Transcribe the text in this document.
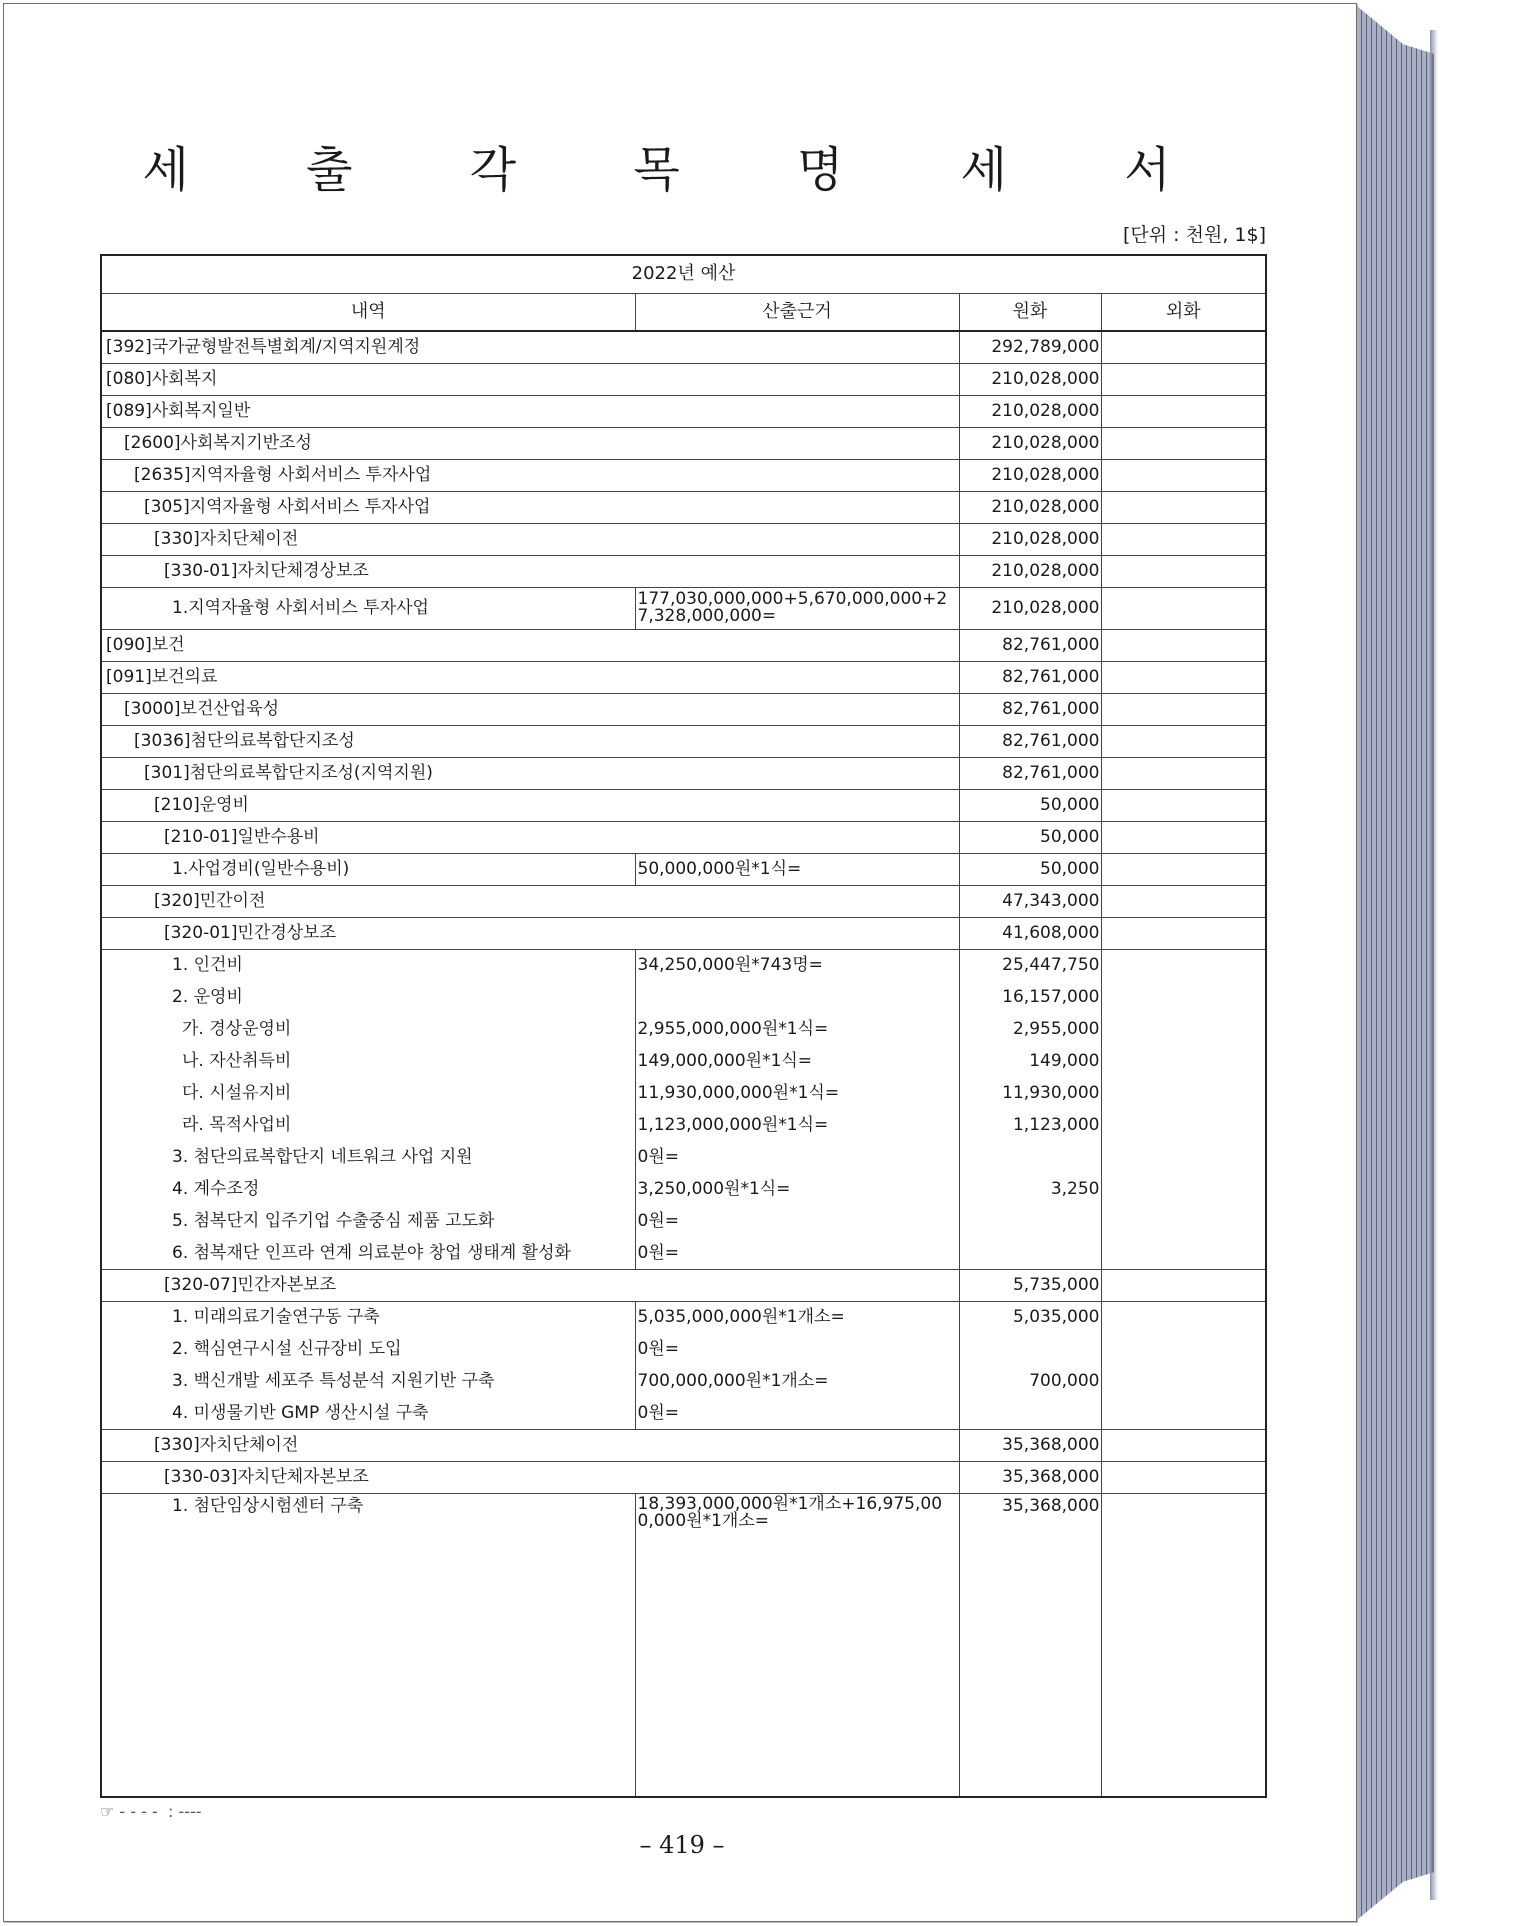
세 출 각 목 명 세 서
[단위 : 천원, 1$]
2022년 예산			
내역	산출근거	원화	외화
[392]국가균형발전특별회계/지역지원계정		292,789,000	
[080]사회복지		210,028,000	
[089]사회복지일반		210,028,000	
[2600]사회복지기반조성		210,028,000	
[2635]지역자율형 사회서비스 투자사업		210,028,000	
[305]지역자율형 사회서비스 투자사업		210,028,000	
[330]자치단체이전		210,028,000	
[330-01]자치단체경상보조		210,028,000	
1.지역자율형 사회서비스 투자사업	177,030,000,000+5,670,000,000+27,328,000,000=	210,028,000	
[090]보건		82,761,000	
[091]보건의료		82,761,000	
[3000]보건산업육성		82,761,000	
[3036]첨단의료복합단지조성		82,761,000	
[301]첨단의료복합단지조성(지역지원)		82,761,000	
[210]운영비		50,000	
[210-01]일반수용비		50,000	
1.사업경비(일반수용비)	50,000,000원*1식=	50,000	
[320]민간이전		47,343,000	
[320-01]민간경상보조		41,608,000	
1. 인건비	34,250,000원*743명=	25,447,750	
2. 운영비		16,157,000	
가. 경상운영비	2,955,000,000원*1식=	2,955,000	
나. 자산취득비	149,000,000원*1식=	149,000	
다. 시설유지비	11,930,000,000원*1식=	11,930,000	
라. 목적사업비	1,123,000,000원*1식=	1,123,000	
3. 첨단의료복합단지 네트워크 사업 지원	0원=		
4. 계수조정	3,250,000원*1식=	3,250	
5. 첨복단지 입주기업 수출중심 제품 고도화	0원=		
6. 첨복재단 인프라 연계 의료분야 창업 생태계 활성화	0원=		
[320-07]민간자본보조		5,735,000	
1. 미래의료기술연구동 구축	5,035,000,000원*1개소=	5,035,000	
2. 핵심연구시설 신규장비 도입	0원=		
3. 백신개발 세포주 특성분석 지원기반 구축	700,000,000원*1개소=	700,000	
4. 미생물기반 GMP 생산시설 구축	0원=		
[330]자치단체이전		35,368,000	
[330-03]자치단체자본보조		35,368,000	
1. 첨단임상시험센터 구축	18,393,000,000원*1개소+16,975,000,000원*1개소=	35,368,000	
☞ - - - -  : ----
– 419 –
